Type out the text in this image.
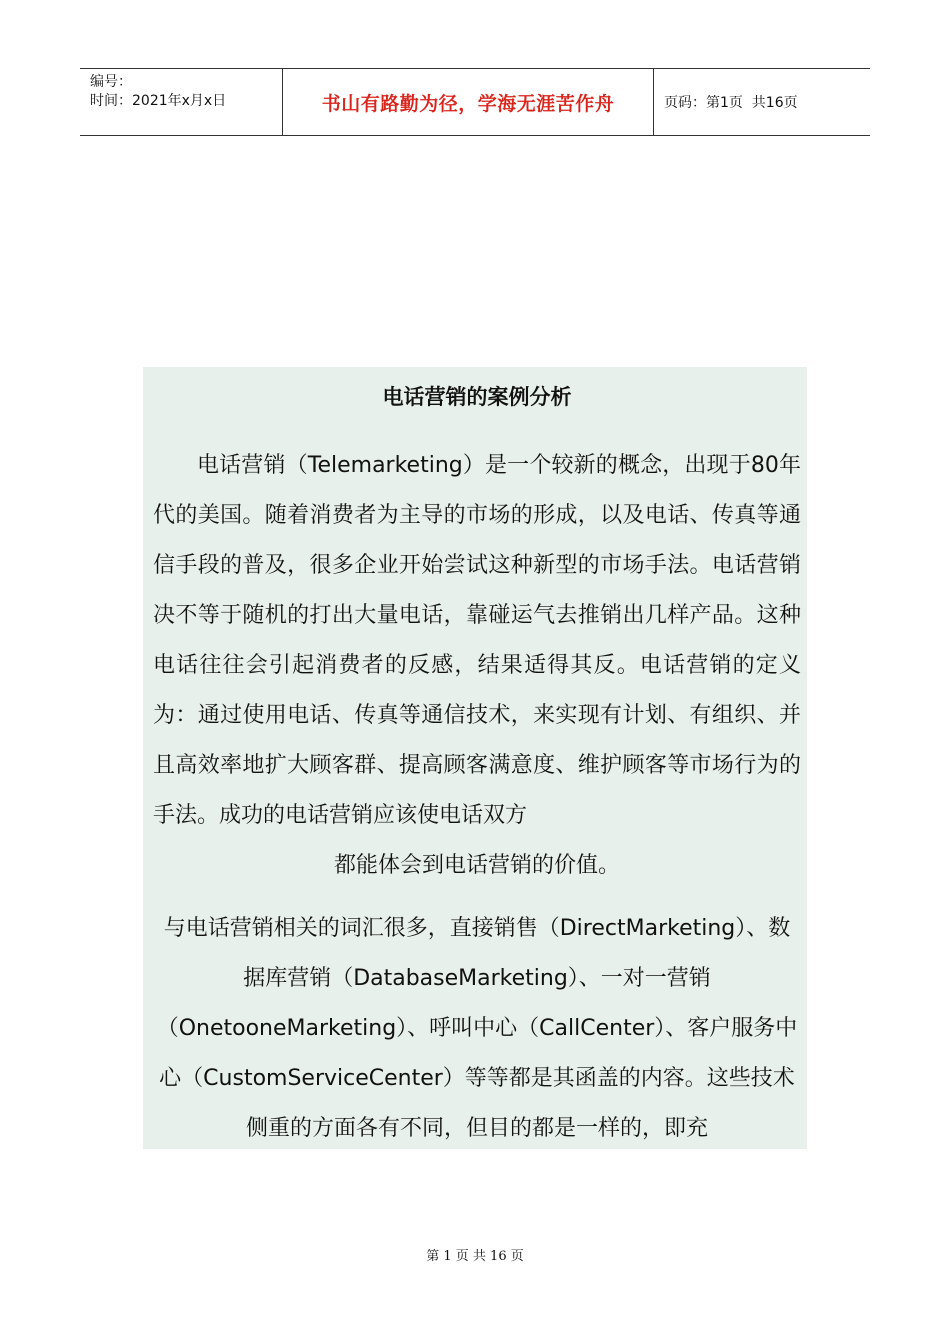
编号：
时间：2021年x月x日	书山有路勤为径，学海无涯苦作舟	页码：第1页  共16页
电话营销的案例分析

电话营销（Telemarketing）是一个较新的概念，出现于80年代的美国。随着消费者为主导的市场的形成，以及电话、传真等通信手段的普及，很多企业开始尝试这种新型的市场手法。电话营销决不等于随机的打出大量电话，靠碰运气去推销出几样产品。这种电话往往会引起消费者的反感，结果适得其反。电话营销的定义为：通过使用电话、传真等通信技术，来实现有计划、有组织、并且高效率地扩大顾客群、提高顾客满意度、维护顾客等市场行为的手法。成功的电话营销应该使电话双方

都能体会到电话营销的价值。

与电话营销相关的词汇很多，直接销售（DirectMarketing）、数据库营销（DatabaseMarketing）、一对一营销（OnetooneMarketing）、呼叫中心（CallCenter）、客户服务中心（CustomServiceCenter）等等都是其函盖的内容。这些技术侧重的方面各有不同，但目的都是一样的，即充

第 1 页 共 16 页
